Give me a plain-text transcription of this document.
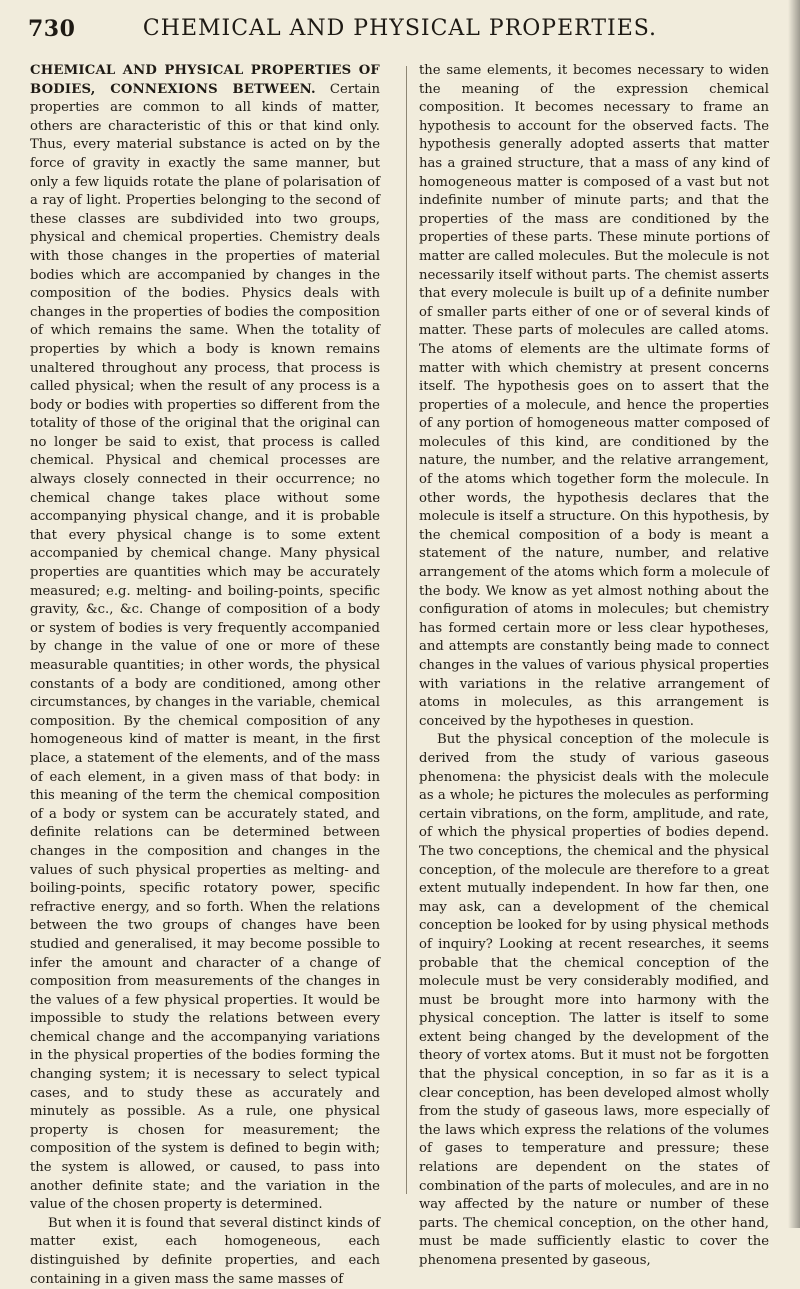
730	CHEMICAL AND PHYSICAL PROPERTIES.

CHEMICAL AND PHYSICAL PROPERTIES OF BODIES, CONNEXIONS BETWEEN. Certain properties are common to all kinds of matter, others are characteristic of this or that kind only. Thus, every material substance is acted on by the force of gravity in exactly the same manner, but only a few liquids rotate the plane of polarisation of a ray of light. Properties belonging to the second of these classes are subdivided into two groups, physical and chemical properties. Chemistry deals with those changes in the properties of material bodies which are accompanied by changes in the composition of the bodies. Physics deals with changes in the properties of bodies the composition of which remains the same. When the totality of properties by which a body is known remains unaltered throughout any process, that process is called physical; when the result of any process is a body or bodies with properties so different from the totality of those of the original that the original can no longer be said to exist, that process is called chemical. Physical and chemical processes are always closely connected in their occurrence; no chemical change takes place without some accompanying physical change, and it is probable that every physical change is to some extent accompanied by chemical change. Many physical properties are quantities which may be accurately measured; e.g. melting- and boiling-points, specific gravity, &c., &c. Change of composition of a body or system of bodies is very frequently accompanied by change in the value of one or more of these measurable quantities; in other words, the physical constants of a body are conditioned, among other circumstances, by changes in the variable, chemical composition. By the chemical composition of any homogeneous kind of matter is meant, in the first place, a statement of the elements, and of the mass of each element, in a given mass of that body: in this meaning of the term the chemical composition of a body or system can be accurately stated, and definite relations can be determined between changes in the composition and changes in the values of such physical properties as melting- and boiling-points, specific rotatory power, specific refractive energy, and so forth. When the relations between the two groups of changes have been studied and generalised, it may become possible to infer the amount and character of a change of composition from measurements of the changes in the values of a few physical properties. It would be impossible to study the relations between every chemical change and the accompanying variations in the physical properties of the bodies forming the changing system; it is necessary to select typical cases, and to study these as accurately and minutely as possible. As a rule, one physical property is chosen for measurement; the composition of the system is defined to begin with; the system is allowed, or caused, to pass into another definite state; and the variation in the value of the chosen property is determined.

But when it is found that several distinct kinds of matter exist, each homogeneous, each distinguished by definite properties, and each containing in a given mass the same masses of

the same elements, it becomes necessary to widen the meaning of the expression chemical composition. It becomes necessary to frame an hypothesis to account for the observed facts. The hypothesis generally adopted asserts that matter has a grained structure, that a mass of any kind of homogeneous matter is composed of a vast but not indefinite number of minute parts; and that the properties of the mass are conditioned by the properties of these parts. These minute portions of matter are called molecules. But the molecule is not necessarily itself without parts. The chemist asserts that every molecule is built up of a definite number of smaller parts either of one or of several kinds of matter. These parts of molecules are called atoms. The atoms of elements are the ultimate forms of matter with which chemistry at present concerns itself. The hypothesis goes on to assert that the properties of a molecule, and hence the properties of any portion of homogeneous matter composed of molecules of this kind, are conditioned by the nature, the number, and the relative arrangement, of the atoms which together form the molecule. In other words, the hypothesis declares that the molecule is itself a structure. On this hypothesis, by the chemical composition of a body is meant a statement of the nature, number, and relative arrangement of the atoms which form a molecule of the body. We know as yet almost nothing about the configuration of atoms in molecules; but chemistry has formed certain more or less clear hypotheses, and attempts are constantly being made to connect changes in the values of various physical properties with variations in the relative arrangement of atoms in molecules, as this arrangement is conceived by the hypotheses in question.

But the physical conception of the molecule is derived from the study of various gaseous phenomena: the physicist deals with the molecule as a whole; he pictures the molecules as performing certain vibrations, on the form, amplitude, and rate, of which the physical properties of bodies depend. The two conceptions, the chemical and the physical conception, of the molecule are therefore to a great extent mutually independent. In how far then, one may ask, can a development of the chemical conception be looked for by using physical methods of inquiry? Looking at recent researches, it seems probable that the chemical conception of the molecule must be very considerably modified, and must be brought more into harmony with the physical conception. The latter is itself to some extent being changed by the development of the theory of vortex atoms. But it must not be forgotten that the physical conception, in so far as it is a clear conception, has been developed almost wholly from the study of gaseous laws, more especially of the laws which express the relations of the volumes of gases to temperature and pressure; these relations are dependent on the states of combination of the parts of molecules, and are in no way affected by the nature or number of these parts. The chemical conception, on the other hand, must be made sufficiently elastic to cover the phenomena presented by gaseous,
